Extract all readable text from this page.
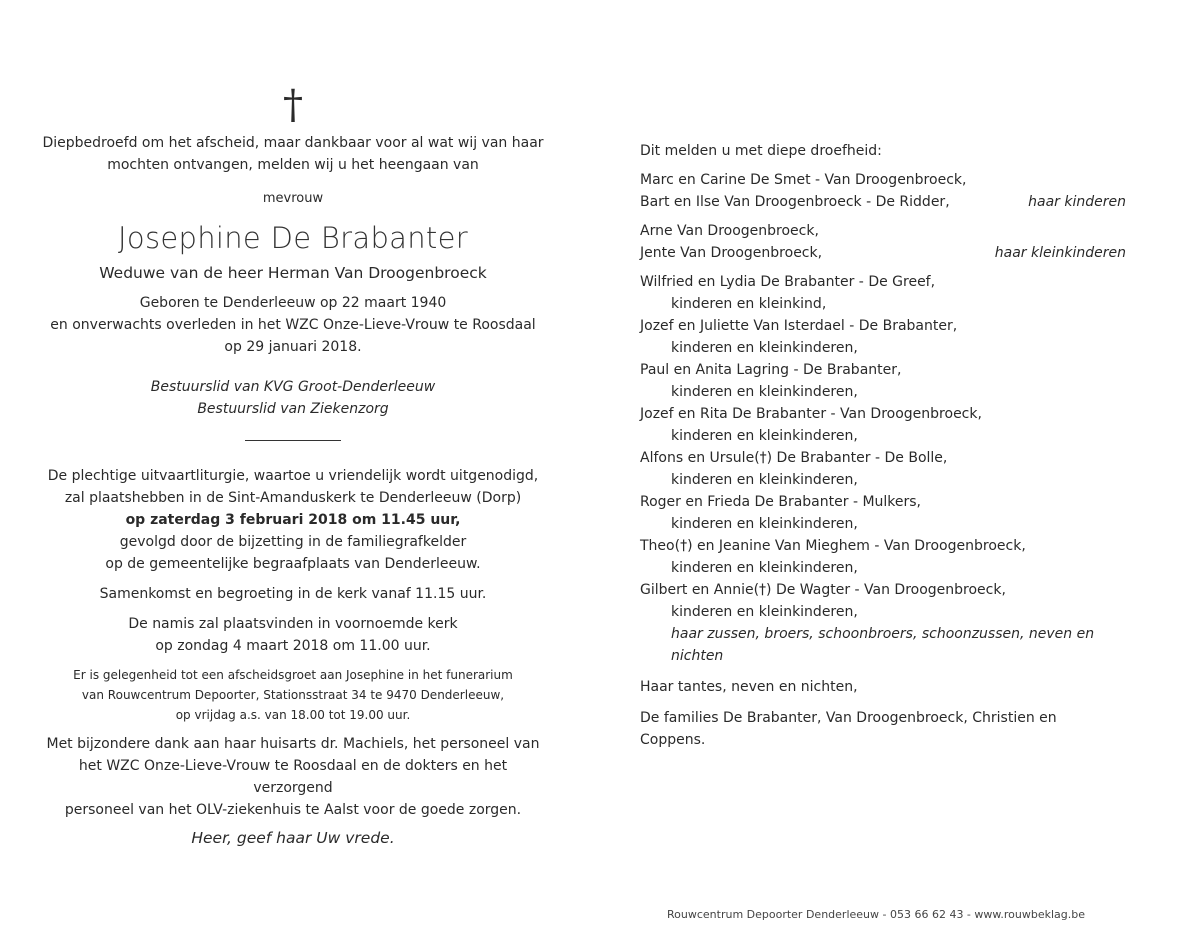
†

Diepbedroefd om het afscheid, maar dankbaar voor al wat wij van haar

mochten ontvangen, melden wij u het heengaan van

mevrouw

Josephine De Brabanter

Weduwe van de heer Herman Van Droogenbroeck

Geboren te Denderleeuw op 22 maart 1940

en onverwachts overleden in het WZC Onze-Lieve-Vrouw te Roosdaal

op 29 januari 2018.

Bestuurslid van KVG Groot-Denderleeuw

Bestuurslid van Ziekenzorg

De plechtige uitvaartliturgie, waartoe u vriendelijk wordt uitgenodigd,

zal plaatshebben in de Sint-Amanduskerk te Denderleeuw (Dorp)

op zaterdag 3 februari 2018 om 11.45 uur,

gevolgd door de bijzetting in de familiegrafkelder

op de gemeentelijke begraafplaats van Denderleeuw.

Samenkomst en begroeting in de kerk vanaf 11.15 uur.

De namis zal plaatsvinden in voornoemde kerk

op zondag 4 maart 2018 om 11.00 uur.

Er is gelegenheid tot een afscheidsgroet aan Josephine in het funerarium

van Rouwcentrum Depoorter, Stationsstraat 34 te 9470 Denderleeuw,

op vrijdag a.s. van 18.00 tot 19.00 uur.

Met bijzondere dank aan haar huisarts dr. Machiels, het personeel van

het WZC Onze-Lieve-Vrouw te Roosdaal en de dokters en het verzorgend

personeel van het OLV-ziekenhuis te Aalst voor de goede zorgen.

Heer, geef haar Uw vrede.

Dit melden u met diepe droefheid:
Marc en Carine De Smet - Van Droogenbroeck,
Bart en Ilse Van Droogenbroeck - De Ridder,	haar kinderen
Arne Van Droogenbroeck,
Jente Van Droogenbroeck,	haar kleinkinderen
Wilfried en Lydia De Brabanter - De Greef,
kinderen en kleinkind,
Jozef en Juliette Van Isterdael - De Brabanter,
kinderen en kleinkinderen,
Paul en Anita Lagring - De Brabanter,
kinderen en kleinkinderen,
Jozef en Rita De Brabanter - Van Droogenbroeck,
kinderen en kleinkinderen,
Alfons en Ursule(†) De Brabanter - De Bolle,
kinderen en kleinkinderen,
Roger en Frieda De Brabanter - Mulkers,
kinderen en kleinkinderen,
Theo(†) en Jeanine Van Mieghem - Van Droogenbroeck,
kinderen en kleinkinderen,
Gilbert en Annie(†) De Wagter - Van Droogenbroeck,
kinderen en kleinkinderen,
haar zussen, broers, schoonbroers, schoonzussen, neven en nichten
Haar tantes, neven en nichten,
De families De Brabanter, Van Droogenbroeck, Christien en Coppens.
Rouwcentrum Depoorter Denderleeuw - 053 66 62 43 - www.rouwbeklag.be
